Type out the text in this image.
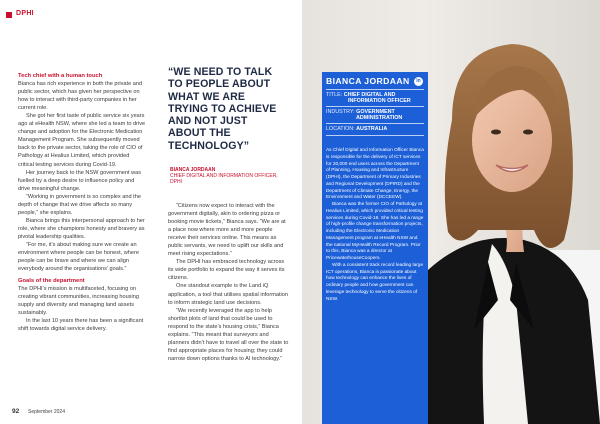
DPHI
Tech chief with a human touch

Bianca has rich experience in both the private and public sector, which has given her perspective on how to interact with third-party companies in her current role.

She got her first taste of public service six years ago at eHealth NSW, where she led a team to drive change and adoption for the Electronic Medication Management Program. She subsequently moved back to the private sector, taking the role of CIO of Pathology at Healius Limited, which provided critical testing services during Covid-19.

Her journey back to the NSW government was fuelled by a deep desire to influence policy and drive meaningful change.

“Working in government is so complex and the depth of change that we drive affects so many people,” she explains.

Bianca brings this interpersonal approach to her role, where she champions honesty and bravery as pivotal leadership qualities.

“For me, it’s about making sure we create an environment where people can be honest, where people can be brave and where we can align everybody around the organisations’ goals.”

Goals of the department

The DPHI’s mission is multifaceted, focusing on creating vibrant communities, increasing housing supply and diversity and managing land assets sustainably.

In the last 10 years there has been a significant shift towards digital service delivery.

“WE NEED TO TALK TO PEOPLE ABOUT WHAT WE ARE TRYING TO ACHIEVE AND NOT JUST ABOUT THE TECHNOLOGY”
BIANCA JORDAAN
CHIEF DIGITAL AND INFORMATION OFFICER,
DPHI

“Citizens now expect to interact with the government digitally, akin to ordering pizza or booking movie tickets,” Bianca says. “We are at a place now where more and more people receive their services online. This means as public servants, we need to uplift our skills and meet rising expectations.”

The DPHI has embraced technology across its wide portfolio to expand the way it serves its citizens.

One standout example is the Land iQ application, a tool that utilises spatial information to inform strategic land use decisions.

“We recently leveraged the app to help shortlist plots of land that could be used to respond to the state’s housing crisis,” Bianca explains. “This meant that surveyors and planners didn’t have to travel all over the state to find appropriate places for housing; they could narrow down options thanks to AI technology.”

BIANCA JORDAAN	in
TITLE: CHIEF DIGITAL AND
INFORMATION OFFICER
INDUSTRY: GOVERNMENT
ADMINISTRATION
LOCATION: AUSTRALIA

As Chief Digital and Information Officer Bianca is responsible for the delivery of ICT services for 20,000 end users across the Department of Planning, Housing and Infrastructure (DPHI), the Department of Primary Industries and Regional Development (DPIRD) and the Department of Climate Change, Energy, the Environment and Water (DCCEEW).

Bianca was the former CIO of Pathology at Healius Limited, which provided critical testing services during Covid-19. She has led a range of high-profile change transformation projects, including the Electronic Medication Management program at eHealth NSW and the national MyHealth Record Program. Prior to this, Bianca was a director at PricewaterhouseCoopers.

With a consistent track record leading large ICT operations, Bianca is passionate about how technology can enhance the lives of ordinary people and how government can leverage technology to serve the citizens of NSW.

92 September 2024
